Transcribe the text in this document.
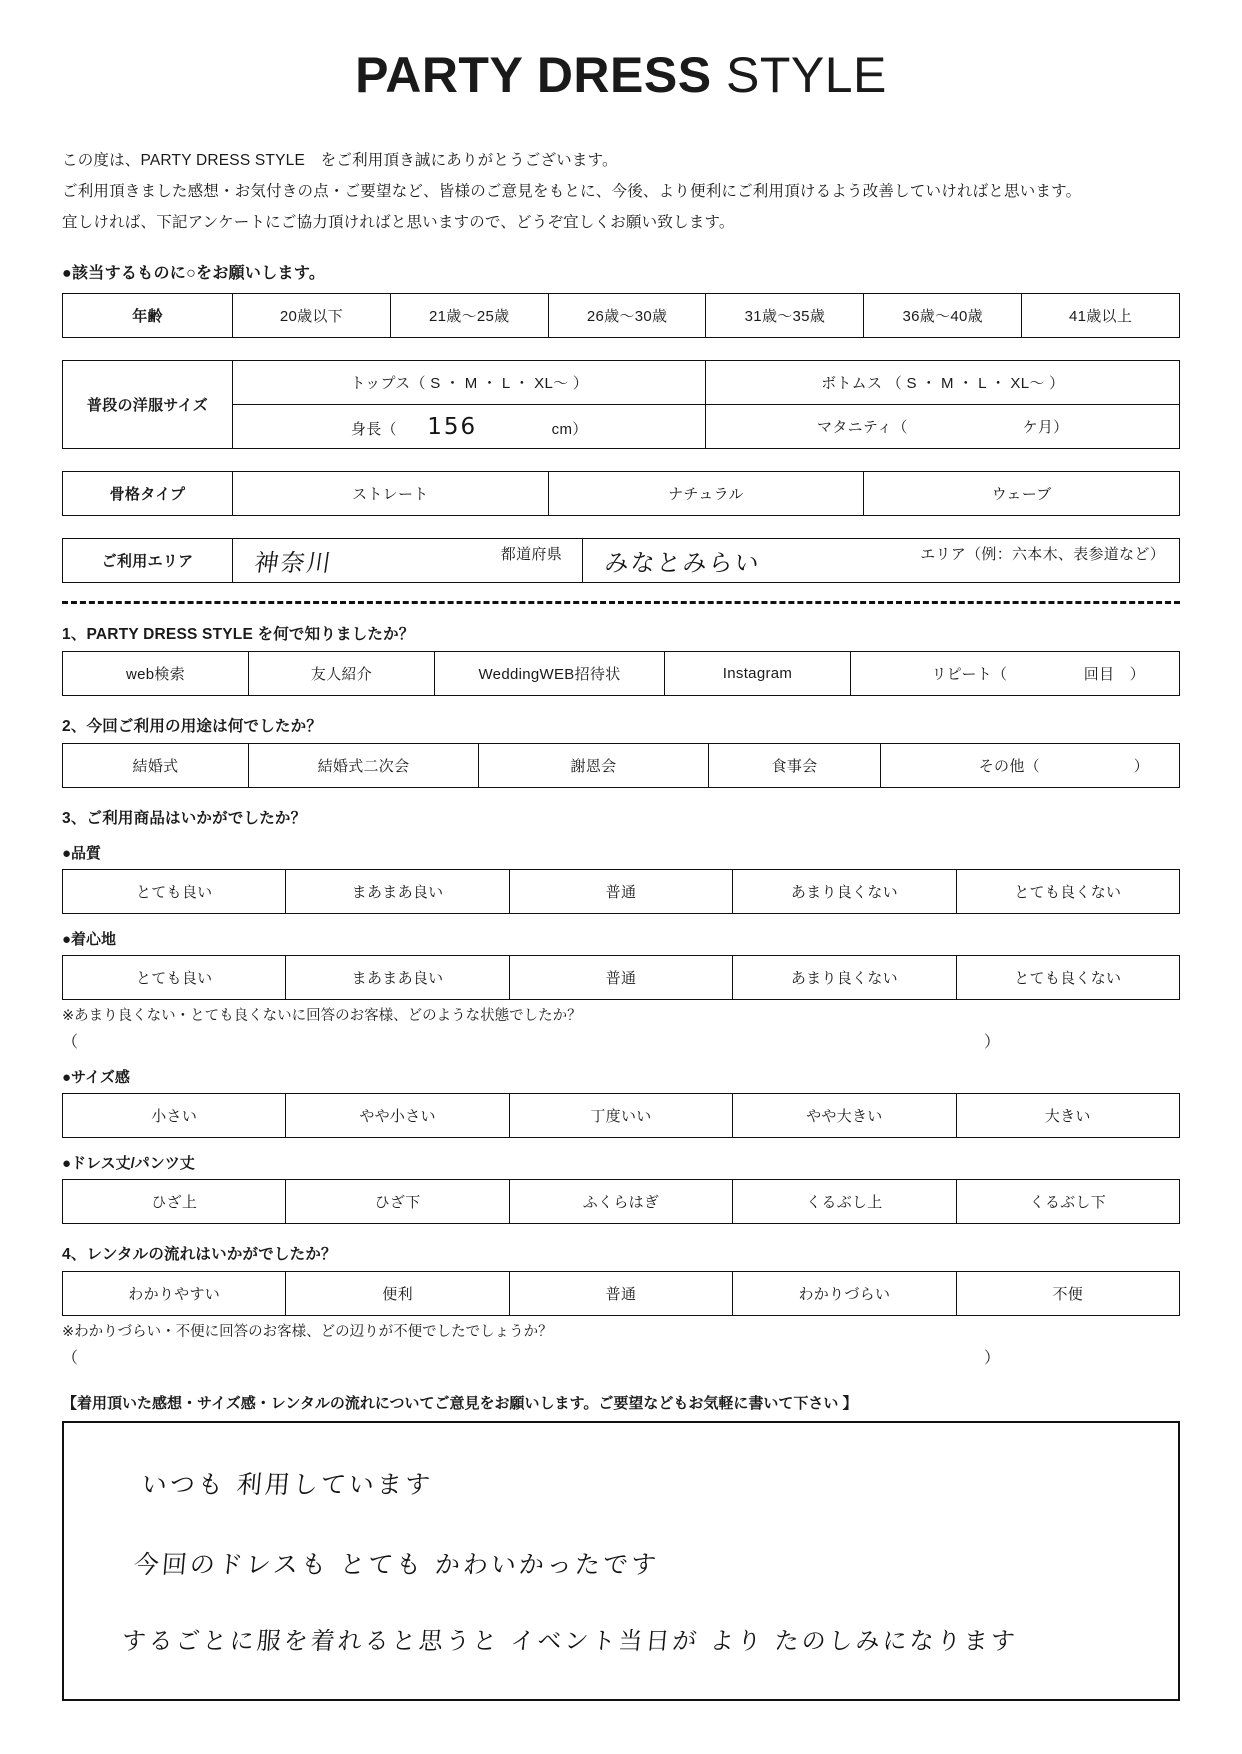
PARTY DRESS STYLE
この度は、PARTY DRESS STYLE　をご利用頂き誠にありがとうございます。
ご利用頂きました感想・お気付きの点・ご要望など、皆様のご意見をもとに、今後、より便利にご利用頂けるよう改善していければと思います。
宜しければ、下記アンケートにご協力頂ければと思いますので、どうぞ宜しくお願い致します。
●該当するものに○をお願いします。
年齢	20歳以下	21歳〜25歳	26歳〜30歳	31歳〜35歳	36歳〜40歳	41歳以上
普段の洋服サイズ	トップス（ S ・ M ・ L ・ XL〜 ）	ボトムス （ S ・ M ・ L ・ XL〜 ）
	身長（ 156 cm）	マタニティ（ ケ月）
骨格タイプ	ストレート	ナチュラル	ウェーブ
ご利用エリア	神奈川	都道府県	みなとみらい	エリア（例：六本木、表参道など）
1、PARTY DRESS STYLE を何で知りましたか？
web検索	友人紹介	WeddingWEB招待状	Instagram	リピート（	回目　）
2、今回ご利用の用途は何でしたか？
結婚式	結婚式二次会	謝恩会	食事会	その他（	）
3、ご利用商品はいかがでしたか？
●品質
とても良い	まあまあ良い	普通	あまり良くない	とても良くない
●着心地
とても良い	まあまあ良い	普通	あまり良くない	とても良くない
※あまり良くない・とても良くないに回答のお客様、どのような状態でしたか？
（	）
●サイズ感
小さい	やや小さい	丁度いい	やや大きい	大きい
●ドレス丈/パンツ丈
ひざ上	ひざ下	ふくらはぎ	くるぶし上	くるぶし下
4、レンタルの流れはいかがでしたか？
わかりやすい	便利	普通	わかりづらい	不便
※わかりづらい・不便に回答のお客様、どの辺りが不便でしたでしょうか？
（	）
【着用頂いた感想・サイズ感・レンタルの流れについてご意見をお願いします。ご要望などもお気軽に書いて下さい 】
いつも 利用しています
今回のドレスも とても かわいかったです
するごとに服を着れると思うと イベント当日が より たのしみになります
